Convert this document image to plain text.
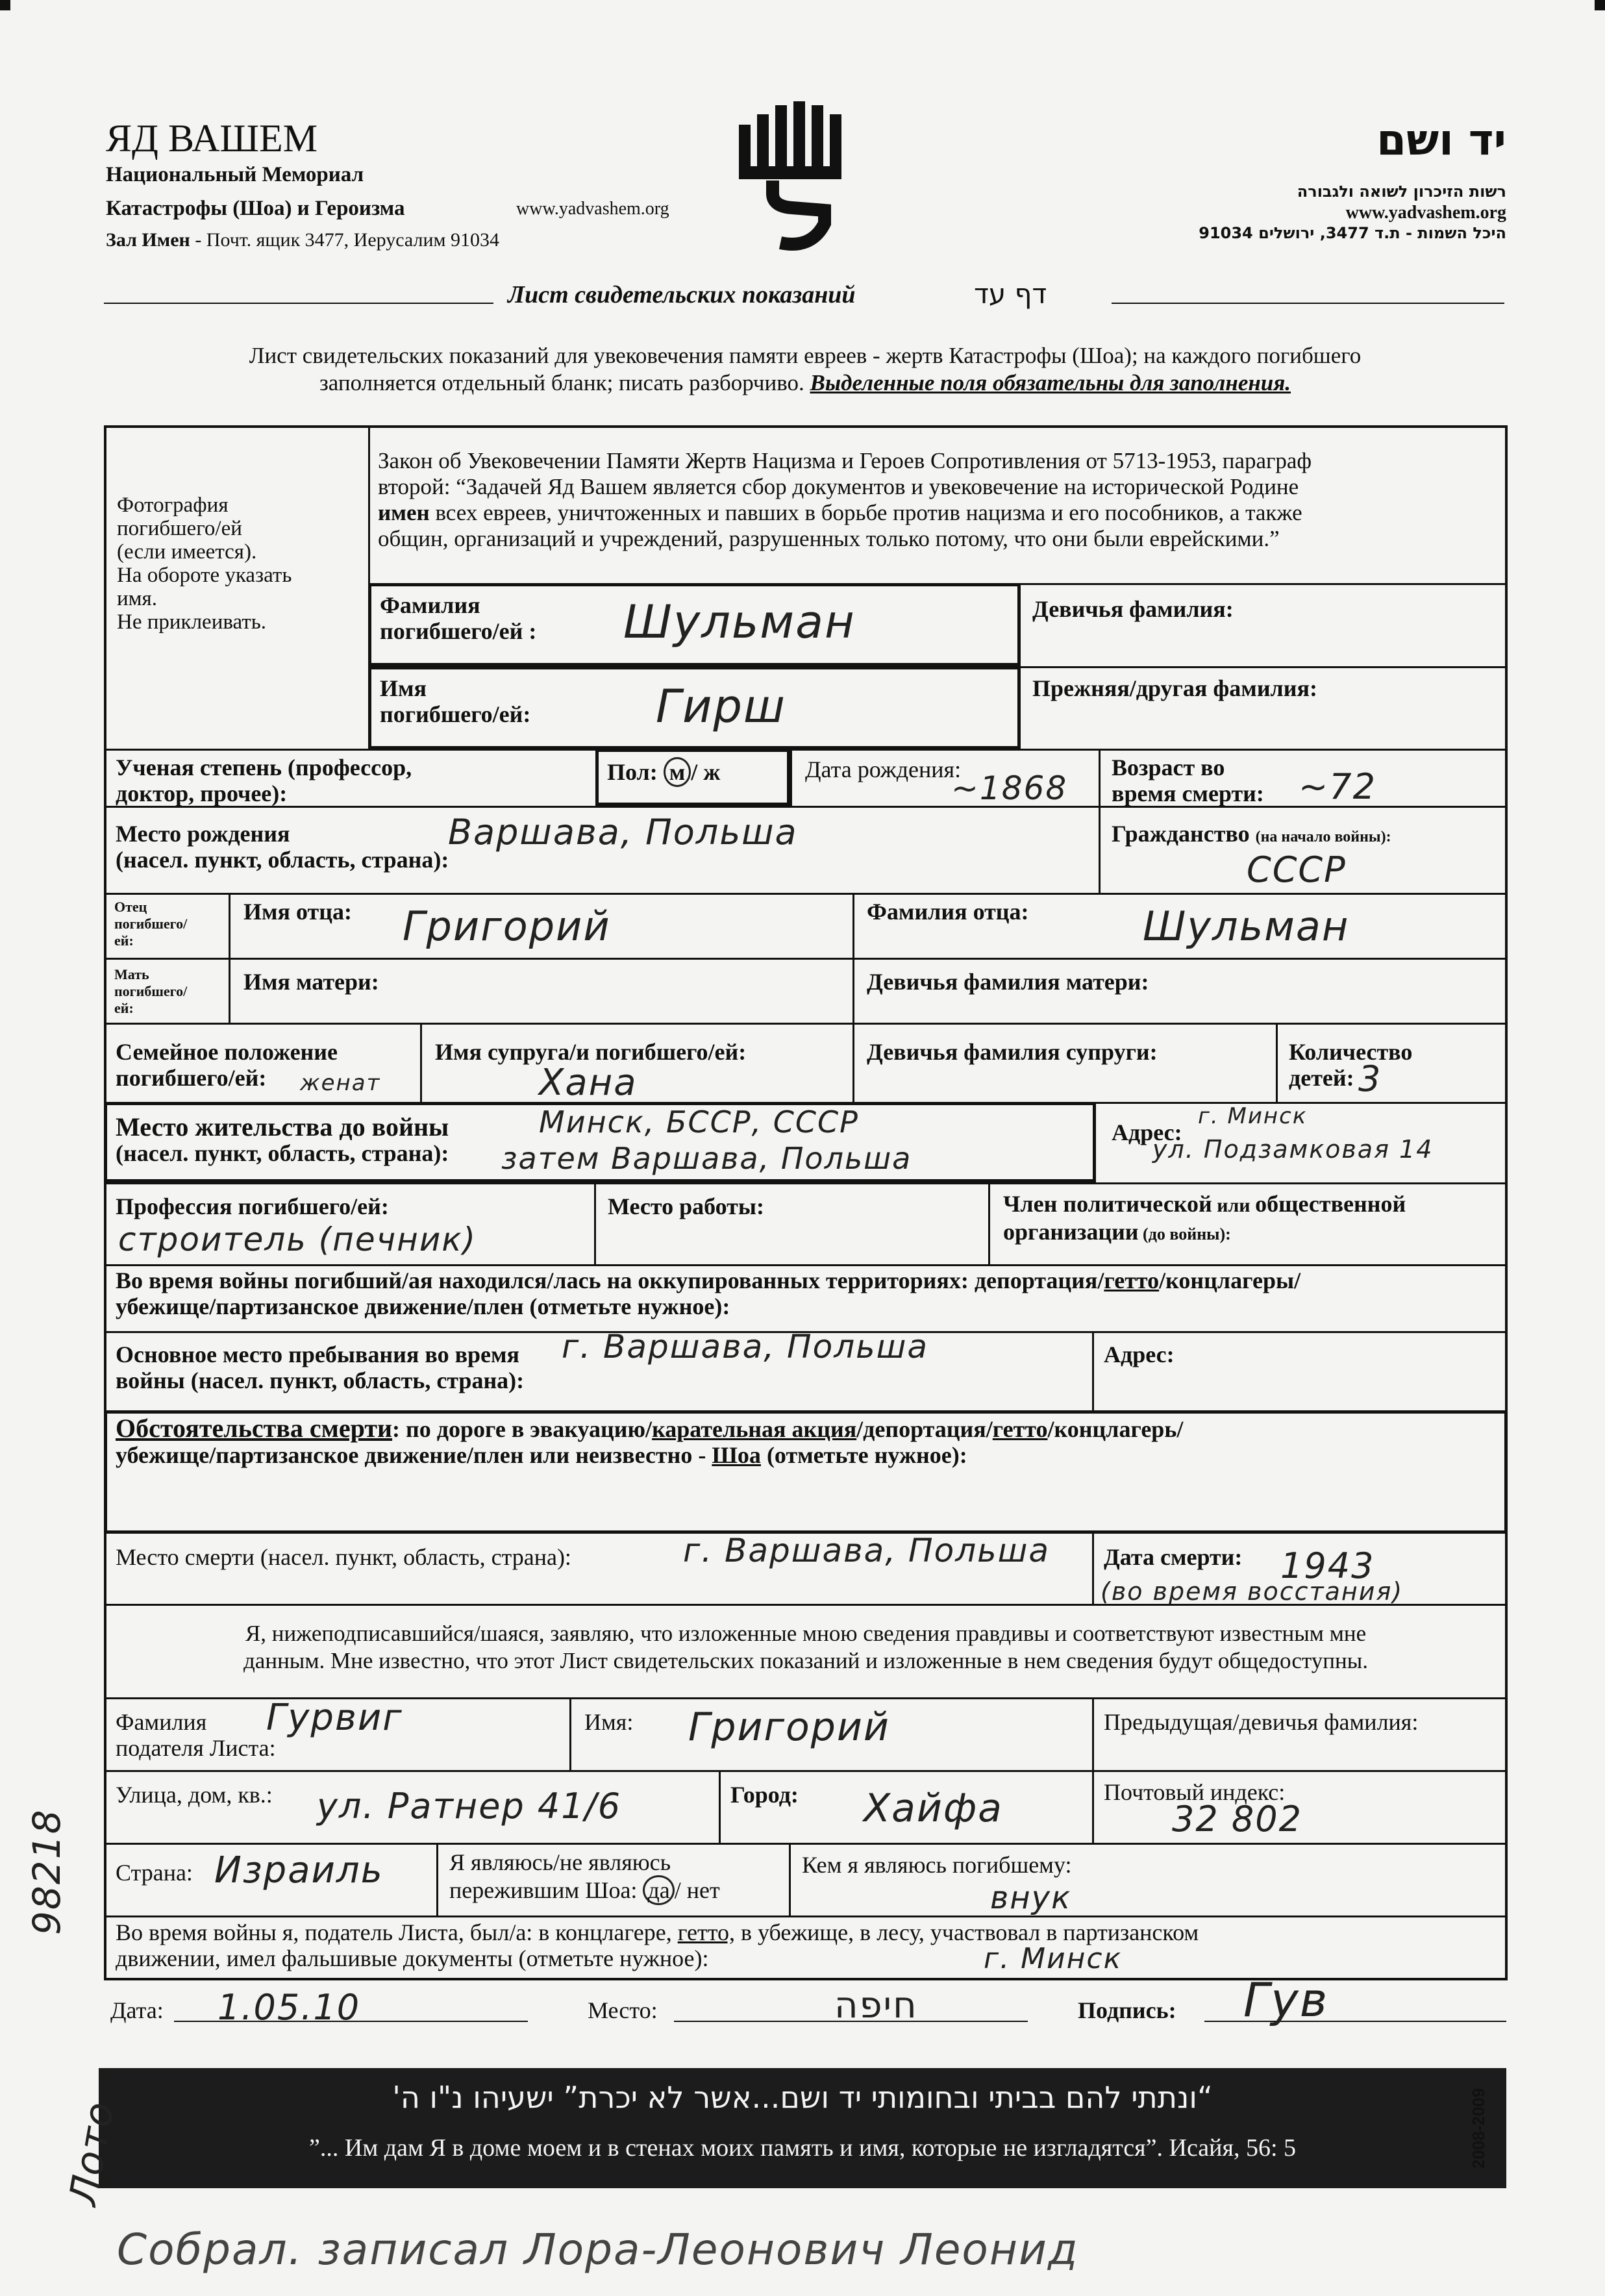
ЯД ВАШЕМ
Национальный Мемориал
Катастрофы (Шоа) и Героизма	www.yadvashem.org
Зал Имен - Почт. ящик 3477, Иерусалим 91034
יד ושם
רשות הזיכרון לשואה ולגבורה
www.yadvashem.org
91034 היכל השמות - ת.ד 3477, ירושלים
Лист свидетельских показаний	דף עד
Лист свидетельских показаний для увековечения памяти евреев - жертв Катастрофы (Шоа); на каждого погибшего
заполняется отдельный бланк; писать разборчиво. Выделенные поля обязательны для заполнения.
Фотография
погибшего/ей
(если имеется).
На обороте указать
имя.
Не приклеивать.
Закон об Увековечении Памяти Жертв Нацизма и Героев Сопротивления от 5713-1953, параграф
второй: “Задачей Яд Вашем является сбор документов и увековечение на исторической Родине
имен всех евреев, уничтоженных и павших в борьбе против нацизма и его пособников, а также
общин, организаций и учреждений, разрушенных только потому, что они были еврейскими.”
Фамилия
погибшего/ей : Шульман	Девичья фамилия:
Имя
погибшего/ей:	Гирш	Прежняя/другая фамилия:
Ученая степень (профессор,
доктор, прочее):
Пол: м / ж	Дата рождения:
~1868
Возраст во
время смерти: ~72
Место рождения
(насел. пункт, область, страна):
Варшава, Польша	Гражданство (на начало войны):
СССР
Отец
погибшего/
ей:
Имя отца: Григорий	Фамилия отца:	Шульман
Мать
погибшего/
ей:
Имя матери:	Девичья фамилия матери:
Семейное положение
погибшего/ей:	женат
Имя супруга/и погибшего/ей:
Хана
Девичья фамилия супруги:	Количество
детей: 3
Место жительства до войны
(насел. пункт, область, страна):
Минск, БССР, СССР
затем Варшава, Польша
Адрес:
г. Минск
ул. Подзамковая 14
Профессия погибшего/ей:
строитель (печник)
Место работы:	Член политической или общественной
организации (до войны):
Во время войны погибший/ая находился/лась на оккупированных территориях: депортация/гетто/концлагеры/
убежище/партизанское движение/плен (отметьте нужное):
Основное место пребывания во время
войны (насел. пункт, область, страна):
г. Варшава, Польша	Адрес:
Обстоятельства смерти: по дороге в эвакуацию/карательная акция/депортация/гетто/концлагерь/
убежище/партизанское движение/плен или неизвестно - Шоа (отметьте нужное):
Место смерти (насел. пункт, область, страна):	г. Варшава, Польша Дата смерти: 1943
(во время восстания)
Я, нижеподписавшийся/шаяся, заявляю, что изложенные мною сведения правдивы и соответствуют известным мне
данным. Мне известно, что этот Лист свидетельских показаний и изложенные в нем сведения будут общедоступны.
Фамилия
подателя Листа:
Гурвиг	Имя: Григорий	Предыдущая/девичья фамилия:
Улица, дом, кв.: ул. Ратнер 41/6	Город: Хайфа	Почтовый индекс:
32 802
Страна: Израиль	Я являюсь/не являюсь
пережившим Шоа: да / нет
Кем я являюсь погибшему:
внук
Во время войны я, податель Листа, был/а: в концлагере, гетто, в убежище, в лесу, участвовал в партизанском
движении, имел фальшивые документы (отметьте нужное):	г. Минск
Дата: 1.05.10	Место:	חיפה	Подпись: Гув
“ונתתי להם בביתי ובחומותי יד ושם...אשר לא יכרת” ישעיהו נ"ו ה'
”... Им дам Я в доме моем и в стенах моих память и имя, которые не изгладятся”. Исайя, 56: 5	2008-2009
98218
Лото
Собрал. записал Лора-Леонович Леонид
